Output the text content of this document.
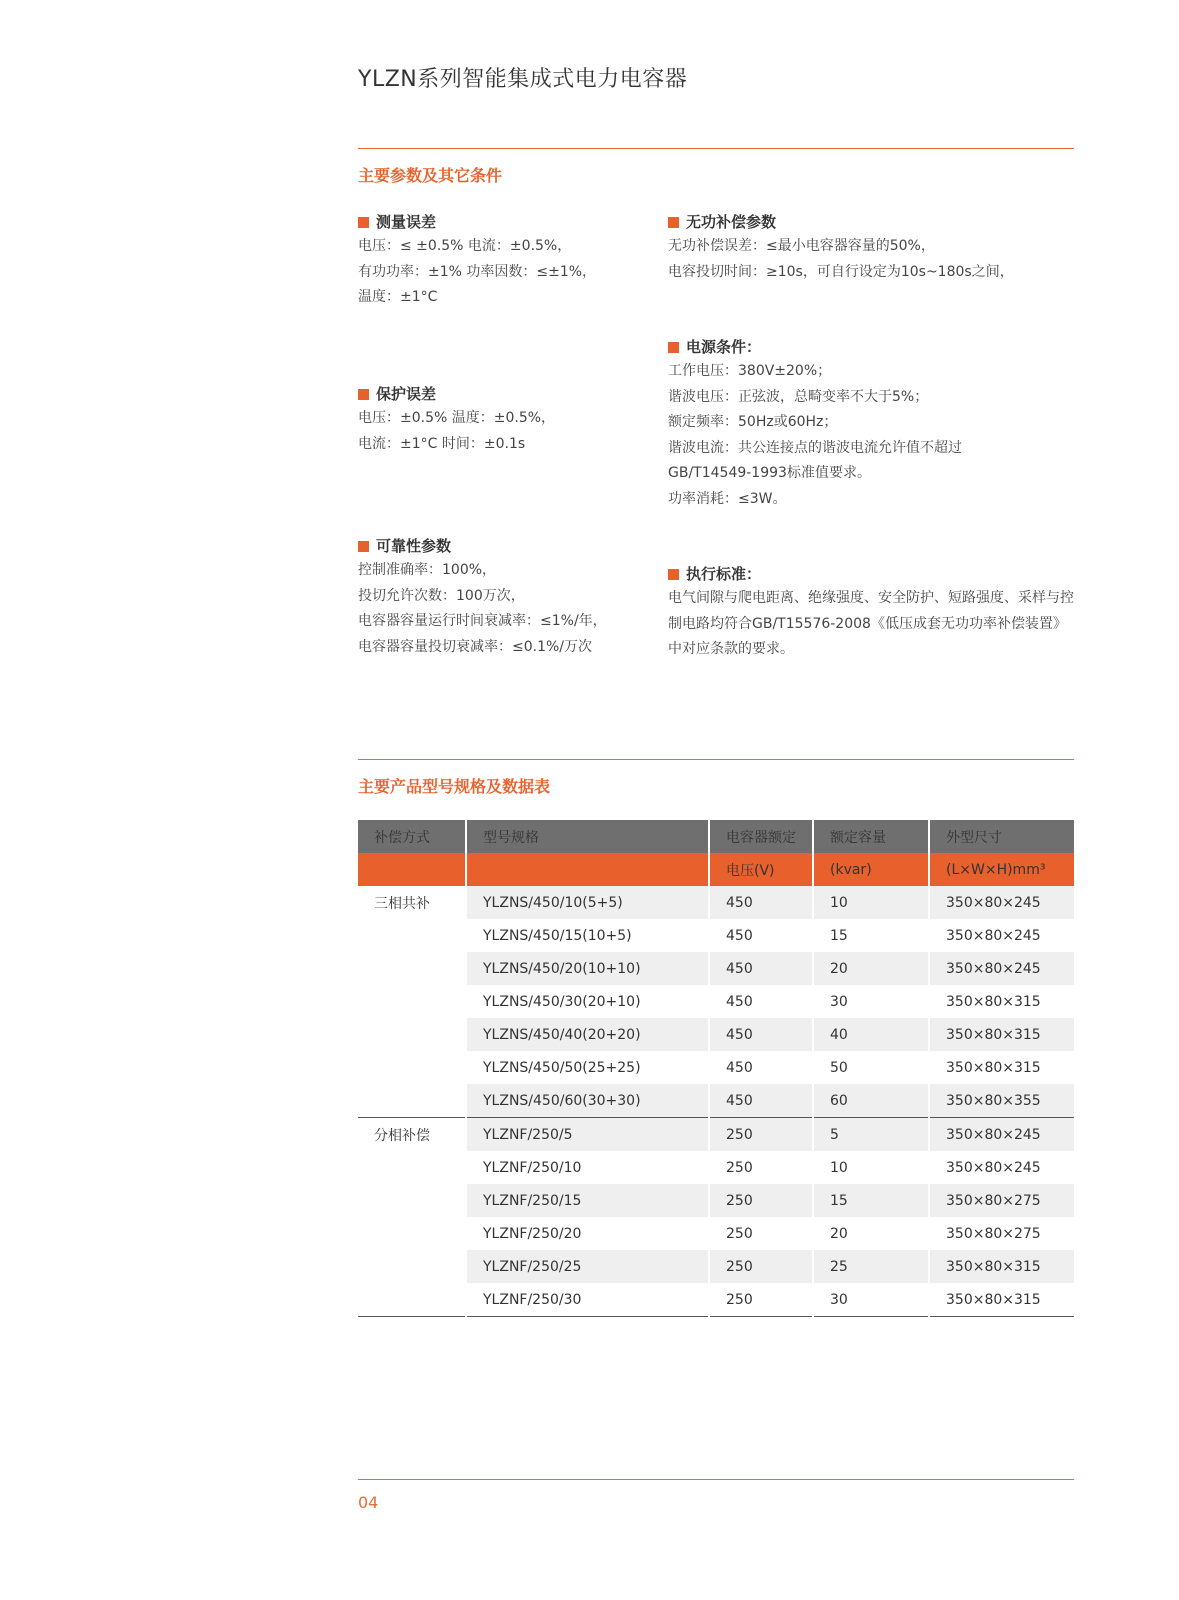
YLZN系列智能集成式电力电容器
主要参数及其它条件
测量误差
电压：≤ ±0.5% 电流：±0.5%，
有功功率：±1% 功率因数：≤±1%，
温度：±1°C
保护误差
电压：±0.5% 温度：±0.5%，
电流：±1°C 时间：±0.1s
可靠性参数
控制准确率：100%，
投切允许次数：100万次，
电容器容量运行时间衰减率：≤1%/年，
电容器容量投切衰减率：≤0.1%/万次
无功补偿参数
无功补偿误差：≤最小电容器容量的50%，
电容投切时间：≥10s，可自行设定为10s~180s之间，
电源条件：
工作电压：380V±20%；
谐波电压：正弦波，总畸变率不大于5%；
额定频率：50Hz或60Hz；
谐波电流：共公连接点的谐波电流允许值不超过
GB/T14549-1993标准值要求。
功率消耗：≤3W。
执行标准：
电气间隙与爬电距离、绝缘强度、安全防护、短路强度、采样与控制电路均符合GB/T15576-2008《低压成套无功功率补偿装置》中对应条款的要求。
主要产品型号规格及数据表
补偿方式	型号规格	电容器额定	额定容量	外型尺寸
		电压(V)	(kvar)	(L×W×H)mm³
三相共补	YLZNS/450/10(5+5)	450	10	350×80×245
	YLZNS/450/15(10+5)	450	15	350×80×245
	YLZNS/450/20(10+10)	450	20	350×80×245
	YLZNS/450/30(20+10)	450	30	350×80×315
	YLZNS/450/40(20+20)	450	40	350×80×315
	YLZNS/450/50(25+25)	450	50	350×80×315
	YLZNS/450/60(30+30)	450	60	350×80×355
分相补偿	YLZNF/250/5	250	5	350×80×245
	YLZNF/250/10	250	10	350×80×245
	YLZNF/250/15	250	15	350×80×275
	YLZNF/250/20	250	20	350×80×275
	YLZNF/250/25	250	25	350×80×315
	YLZNF/250/30	250	30	350×80×315
04
